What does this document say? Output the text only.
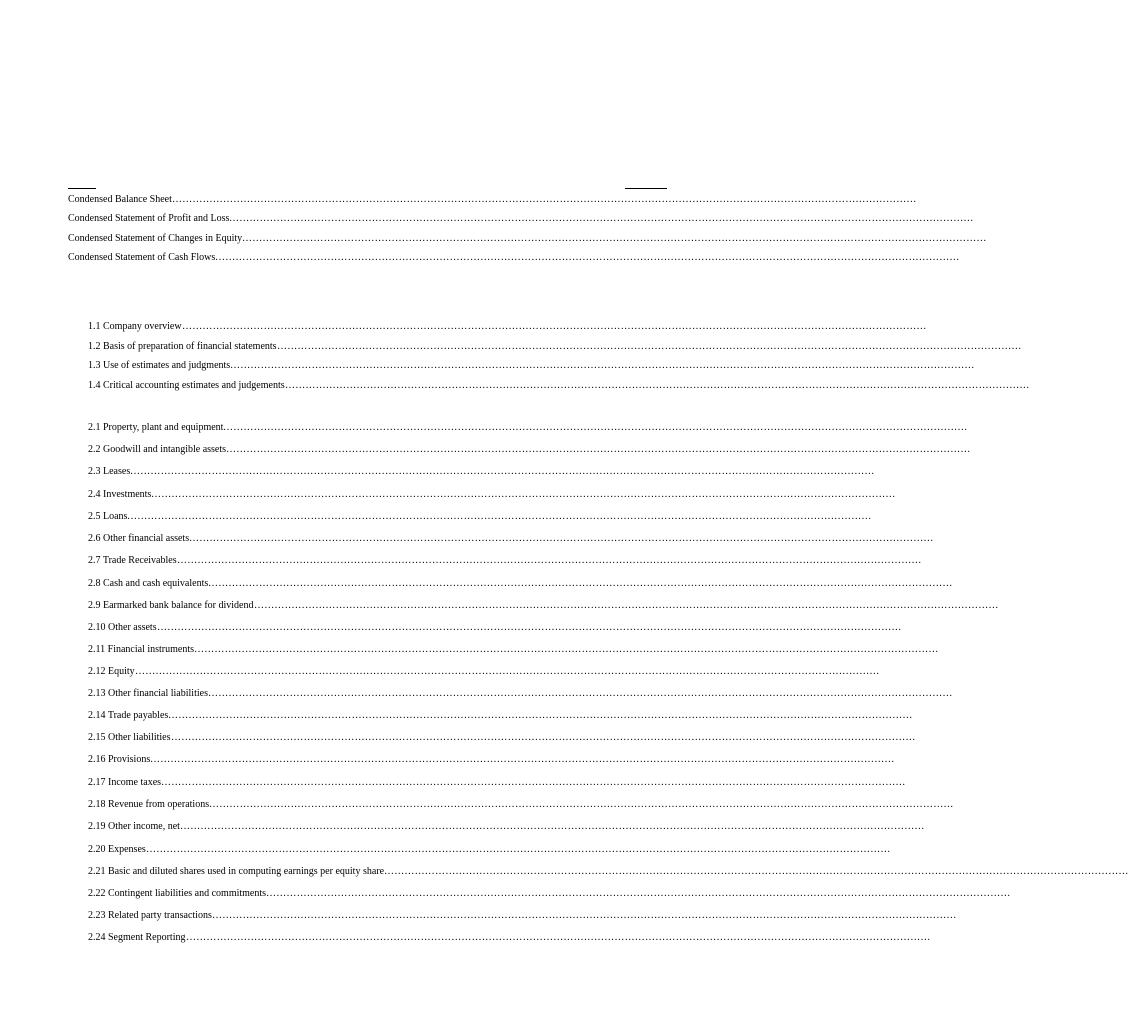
Condensed Balance Sheet …………………………………………………………………………………………………………………………………………………………………………………………………
Condensed Statement of Profit and Loss …………………………………………………………………………………………………………………………………………………………………………………………………
Condensed Statement of Changes in Equity …………………………………………………………………………………………………………………………………………………………………………………………………
Condensed Statement of Cash Flows …………………………………………………………………………………………………………………………………………………………………………………………………
1.1 Company overview …………………………………………………………………………………………………………………………………………………………………………………………………
1.2 Basis of preparation of financial statements …………………………………………………………………………………………………………………………………………………………………………………………………
1.3 Use of estimates and judgments …………………………………………………………………………………………………………………………………………………………………………………………………
1.4 Critical accounting estimates and judgements …………………………………………………………………………………………………………………………………………………………………………………………………
2.1 Property, plant and equipment …………………………………………………………………………………………………………………………………………………………………………………………………
2.2 Goodwill and intangible assets …………………………………………………………………………………………………………………………………………………………………………………………………
2.3 Leases …………………………………………………………………………………………………………………………………………………………………………………………………
2.4 Investments …………………………………………………………………………………………………………………………………………………………………………………………………
2.5 Loans …………………………………………………………………………………………………………………………………………………………………………………………………
2.6 Other financial assets …………………………………………………………………………………………………………………………………………………………………………………………………
2.7 Trade Receivables …………………………………………………………………………………………………………………………………………………………………………………………………
2.8 Cash and cash equivalents …………………………………………………………………………………………………………………………………………………………………………………………………
2.9 Earmarked bank balance for dividend …………………………………………………………………………………………………………………………………………………………………………………………………
2.10 Other assets …………………………………………………………………………………………………………………………………………………………………………………………………
2.11 Financial instruments …………………………………………………………………………………………………………………………………………………………………………………………………
2.12 Equity …………………………………………………………………………………………………………………………………………………………………………………………………
2.13 Other financial liabilities …………………………………………………………………………………………………………………………………………………………………………………………………
2.14 Trade payables …………………………………………………………………………………………………………………………………………………………………………………………………
2.15 Other liabilities …………………………………………………………………………………………………………………………………………………………………………………………………
2.16 Provisions …………………………………………………………………………………………………………………………………………………………………………………………………
2.17 Income taxes …………………………………………………………………………………………………………………………………………………………………………………………………
2.18 Revenue from operations …………………………………………………………………………………………………………………………………………………………………………………………………
2.19 Other income, net …………………………………………………………………………………………………………………………………………………………………………………………………
2.20 Expenses …………………………………………………………………………………………………………………………………………………………………………………………………
2.21 Basic and diluted shares used in computing earnings per equity share …………………………………………………………………………………………………………………………………………………………………………………………………
2.22 Contingent liabilities and commitments …………………………………………………………………………………………………………………………………………………………………………………………………
2.23 Related party transactions …………………………………………………………………………………………………………………………………………………………………………………………………
2.24 Segment Reporting …………………………………………………………………………………………………………………………………………………………………………………………………
